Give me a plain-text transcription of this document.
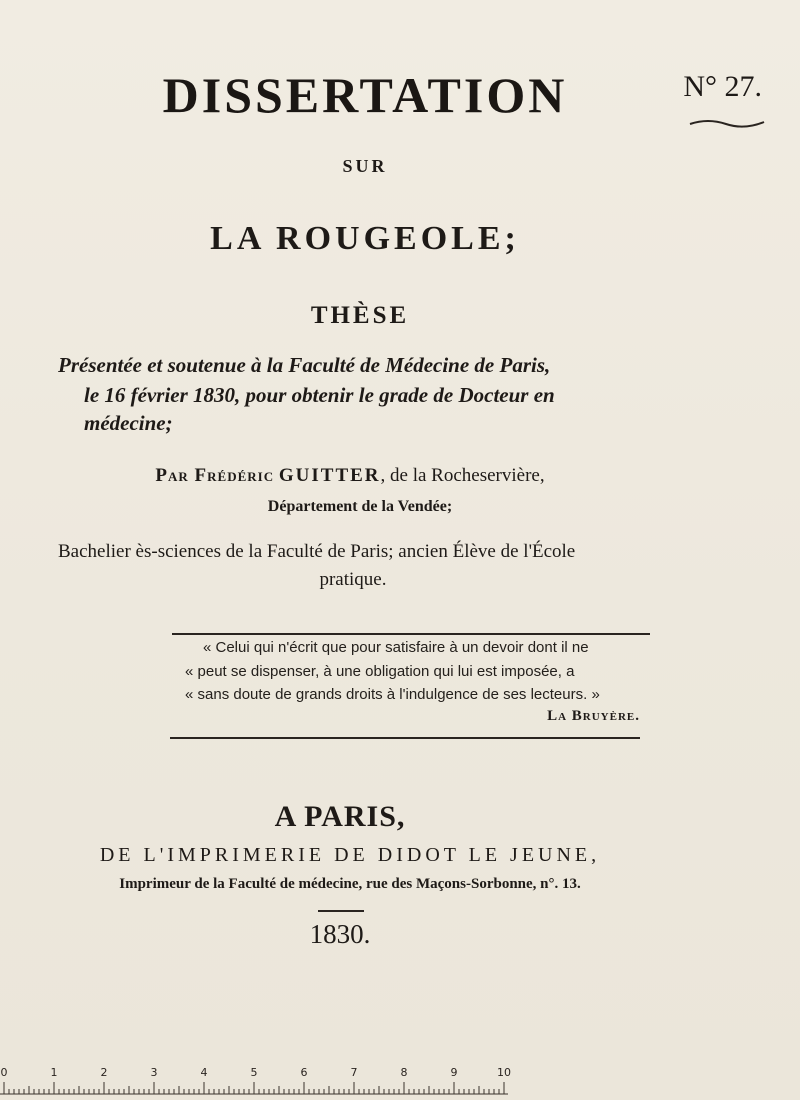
DISSERTATION	N° 27.
SUR
LA ROUGEOLE;
THÈSE
Présentée et soutenue à la Faculté de Médecine de Paris,
le 16 février 1830, pour obtenir le grade de Docteur en
médecine;
Par Frédéric GUITTER, de la Rocheservière,
Département de la Vendée;
Bachelier ès-sciences de la Faculté de Paris; ancien Élève de l'École
pratique.
« Celui qui n'écrit que pour satisfaire à un devoir dont il ne
« peut se dispenser, à une obligation qui lui est imposée, a
« sans doute de grands droits à l'indulgence de ses lecteurs. »
La Bruyère.
A PARIS,
DE L'IMPRIMERIE DE DIDOT LE JEUNE,
Imprimeur de la Faculté de médecine, rue des Maçons-Sorbonne, n°. 13.
1830.
0	1	2	3	4	5	6	7	8	9	10
